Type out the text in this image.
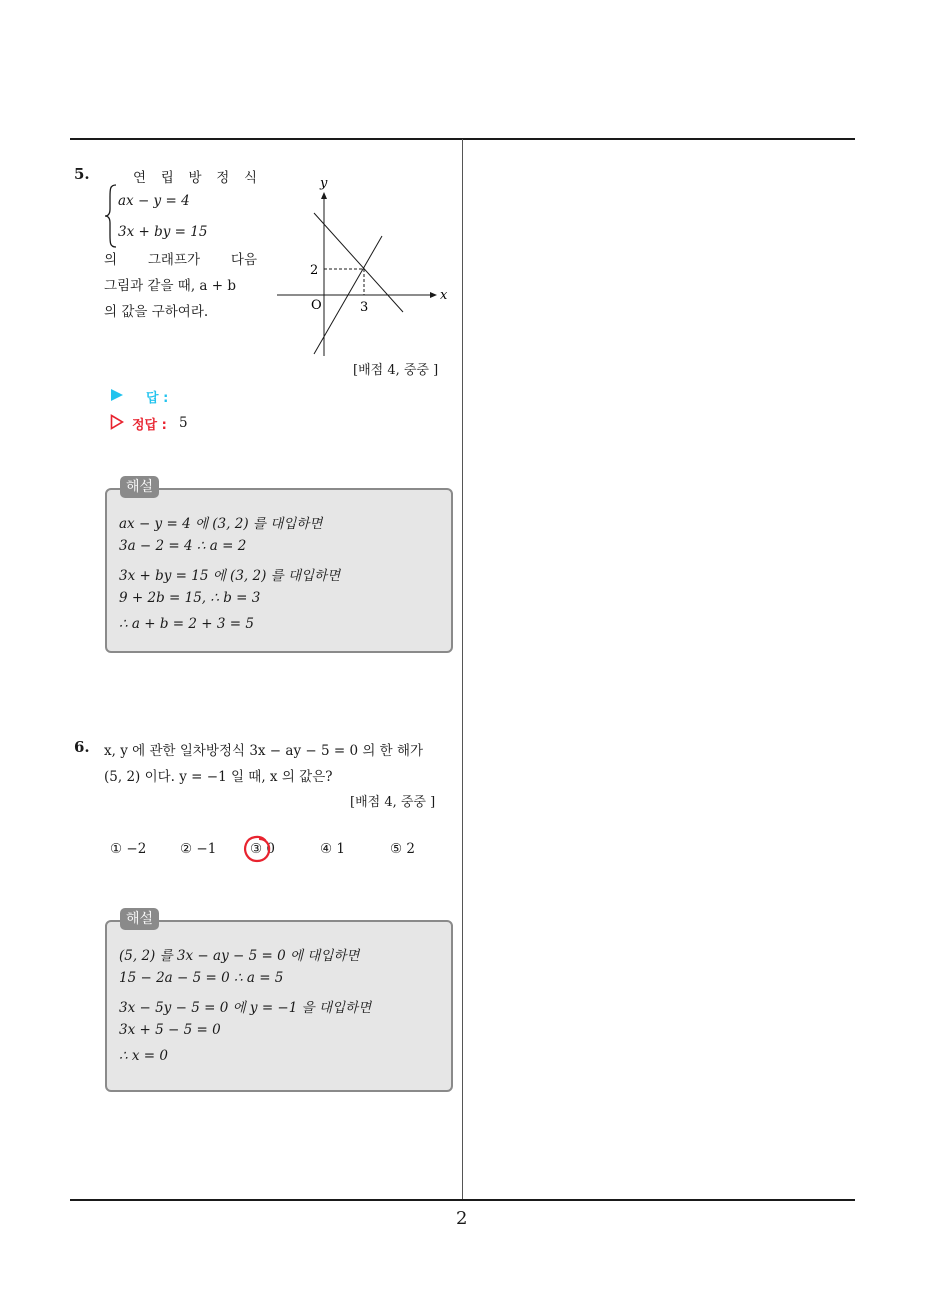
2
5.	연 립 방 정 식
ax − y = 4
3x + by = 15
의 그래프가 다음
그림과 같을 때, a + b
의 값을 구하여라.
y
x
O
2
3
[배점 4, 중중 ]
답 :
정답 : 5
ax − y = 4 에 (3, 2) 를 대입하면
3a − 2 = 4 ∴ a = 2
3x + by = 15 에 (3, 2) 를 대입하면
9 + 2b = 15, ∴ b = 3
∴ a + b = 2 + 3 = 5
해설
6. x, y 에 관한 일차방정식 3x − ay − 5 = 0 의 한 해가
(5, 2) 이다. y = −1 일 때, x 의 값은?
[배점 4, 중중 ]
① −2 ② −1 ③ 0	④ 1	⑤ 2
(5, 2) 를 3x − ay − 5 = 0 에 대입하면
15 − 2a − 5 = 0 ∴ a = 5
3x − 5y − 5 = 0 에 y = −1 을 대입하면
3x + 5 − 5 = 0
∴ x = 0
해설
